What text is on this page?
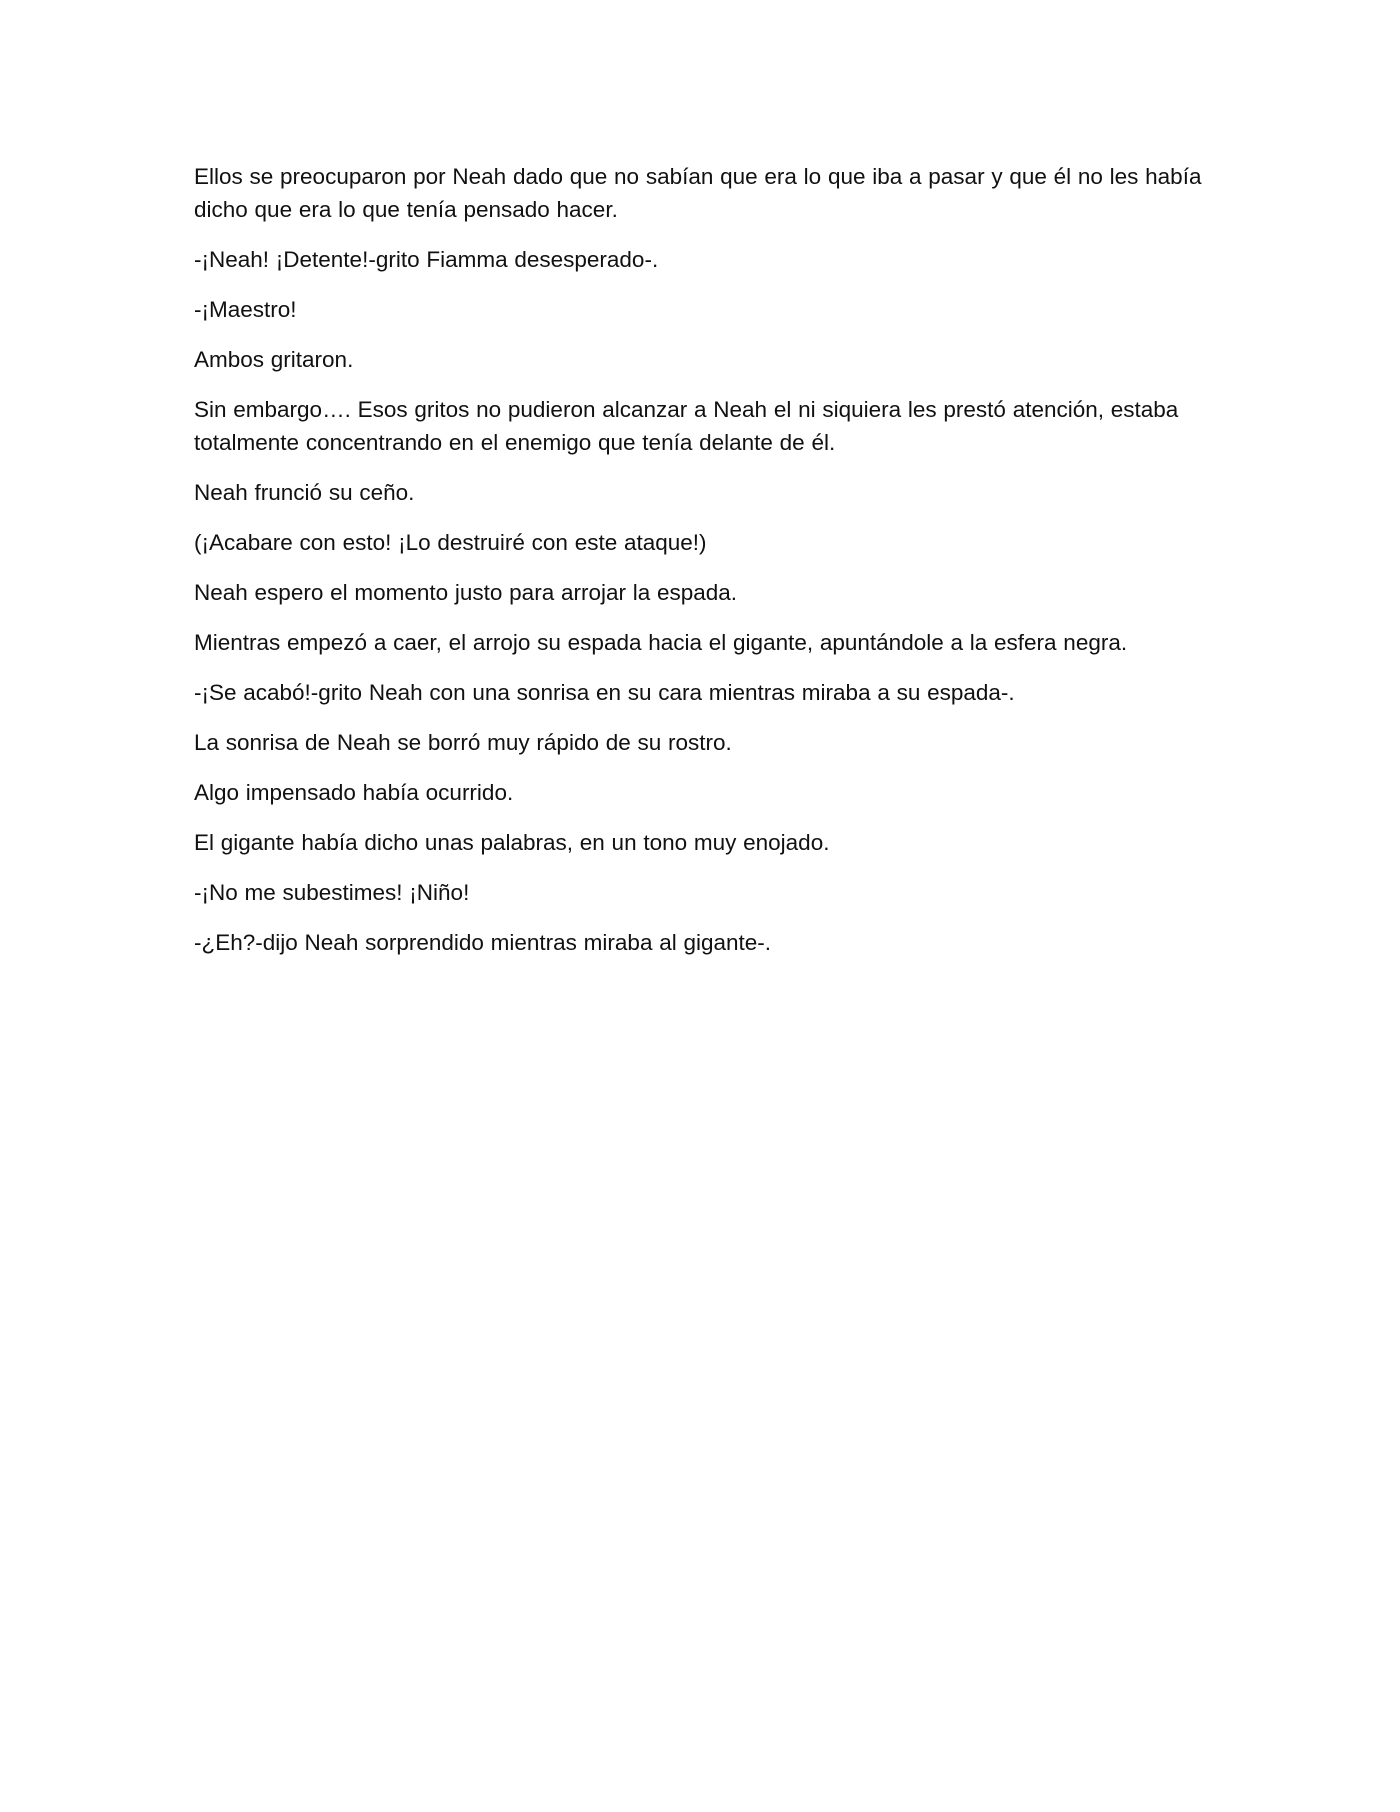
Ellos se preocuparon por Neah dado que no sabían que era lo que iba a pasar y que él no les había dicho que era lo que tenía pensado hacer.

-¡Neah! ¡Detente!-grito Fiamma desesperado-.

-¡Maestro!

Ambos gritaron.

Sin embargo…. Esos gritos no pudieron alcanzar a Neah el ni siquiera les prestó atención, estaba totalmente concentrando en el enemigo que tenía delante de él.

Neah frunció su ceño.

(¡Acabare con esto! ¡Lo destruiré con este ataque!)

Neah espero el momento justo para arrojar la espada.

Mientras empezó a caer, el arrojo su espada hacia el gigante, apuntándole a la esfera negra.

-¡Se acabó!-grito Neah con una sonrisa en su cara mientras miraba a su espada-.

La sonrisa de Neah se borró muy rápido de su rostro.

Algo impensado había ocurrido.

El gigante había dicho unas palabras, en un tono muy enojado.

-¡No me subestimes! ¡Niño!

-¿Eh?-dijo Neah sorprendido mientras miraba al gigante-.
